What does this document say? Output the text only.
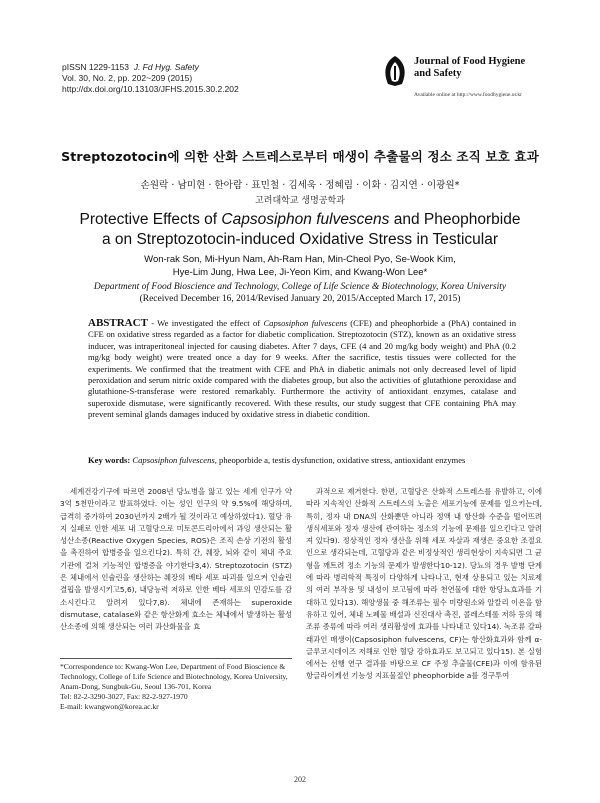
pISSN 1229-1153 J. Fd Hyg. Safety
Vol. 30, No. 2, pp. 202~209 (2015)
http://dx.doi.org/10.13103/JFHS.2015.30.2.202
Journal of Food Hygiene
and Safety
Available online at http://www.foodhygiene.or.kr
Streptozotocin에 의한 산화 스트레스로부터 매생이 추출물의 정소 조직 보호 효과
손원락 · 남미현 · 한아람 · 표민철 · 김세욱 · 정혜림 · 이화 · 김지연 · 이광원*
고려대학교 생명공학과
Protective Effects of Capsosiphon fulvescens and Pheophorbide
a on Streptozotocin-induced Oxidative Stress in Testicular
Won-rak Son, Mi-Hyun Nam, Ah-Ram Han, Min-Cheol Pyo, Se-Wook Kim,
Hye-Lim Jung, Hwa Lee, Ji-Yeon Kim, and Kwang-Won Lee*
Department of Food Bioscience and Technology, College of Life Science & Biotechnology, Korea University
(Received December 16, 2014/Revised January 20, 2015/Accepted March 17, 2015)
ABSTRACT - We investigated the effect of Capsosiphon fulvescens (CFE) and pheophorbide a (PhA) contained in CFE on oxidative stress regarded as a factor for diabetic complication. Streptozotocin (STZ), known as an oxidative stress inducer, was intraperitoneal injected for causing diabetes. After 7 days, CFE (4 and 20 mg/kg body weight) and PhA (0.2 mg/kg body weight) were treated once a day for 9 weeks. After the sacrifice, testis tissues were collected for the experiments. We confirmed that the treatment with CFE and PhA in diabetic animals not only decreased level of lipid peroxidation and serum nitric oxide compared with the diabetes group, but also the activities of glutathione peroxidase and glutathione-S-transferase were restored remarkably. Furthermore the activity of antioxidant enzymes, catalase and superoxide dismutase, were significantly recovered. With these results, our study suggest that CFE containing PhA may prevent seminal glands damages induced by oxidative stress in diabetic condition.
Key words: Capsosiphon fulvescens, pheoporbide a, testis dysfunction, oxidative stress, antioxidant enzymes

세계건강기구에 따르면 2008년 당뇨병을 앓고 있는 세계 인구가 약 3억 5천만이라고 발표하였다. 이는 성인 인구의 약 9.5%에 해당하며, 급격히 증가하여 2030년까지 2배가 될 것이라고 예상하였다1). 혈당 유지 실패로 인한 세포 내 고혈당으로 미토콘드리아에서 과잉 생산되는 활성산소종(Reactive Oxygen Species, ROS)은 조직 손상 기전의 활성을 촉진하여 합병증을 일으킨다2). 특히 간, 췌장, 뇌와 같이 체내 주요 기관에 걸쳐 기능적인 합병증을 야기한다3,4). Streptozotocin (STZ)은 체내에서 인슐린을 생산하는 췌장의 베타 세포 파괴를 일으켜 인슐린 결핍을 발생시키고5,6), 내당능력 저하로 인한 베타 세포의 민감도를 감소시킨다고 알려져 있다7,8). 체내에 존재하는 superoxide dismutase, catalase와 같은 항산화계 효소는 체내에서 발생하는 활성산소종에 의해 생산되는 여러 과산화물을 효

과적으로 제거한다. 한편, 고혈당은 산화적 스트레스를 유발하고, 이에 따라 지속적인 산화적 스트레스의 노출은 세포기능에 문제를 일으키는데, 특히, 정자 내 DNA의 산화뿐만 아니라 정액 내 항산화 수준을 떨어뜨려 생식세포와 정자 생산에 관여하는 정소의 기능에 문제를 일으킨다고 알려져 있다9). 정상적인 정자 생산을 위해 세포 자살과 재생은 중요한 조절요인으로 생각되는데, 고혈당과 같은 비정상적인 생리현상이 지속되면 그 균형을 깨트려 정소 기능의 문제가 발생한다10-12). 당뇨의 경우 발병 단계에 따라 병리학적 특징이 다양하게 나타나고, 현재 상용되고 있는 치료제의 여러 부작용 및 내성이 보고됨에 따라 천연물에 대한 항당뇨효과를 기대하고 있다13). 해양생물 중 해조류는 필수 미량원소와 알칼리 이온을 함유하고 있어, 체내 노폐물 배설과 신진대사 촉진, 콜레스테롤 저하 등의 해조류 종류에 따라 여러 생리활성에 효과를 나타내고 있다14). 녹조류 갈파래과인 매생이(Capsosiphon fulvescens, CF)는 항산화효과와 함께 α-글루코시데이즈 저해로 인한 혈당 강하효과도 보고되고 있다15). 본 실험에서는 선행 연구 결과를 바탕으로 CF 주정 추출물(CFE)과 이에 함유된 항글라이케션 기능성 지표물질인 pheophorbide a를 경구투여

*Correspondence to: Kwang-Won Lee, Department of Food Bioscience & Technology, College of Life Science and Biotechnology, Korea University, Anam-Dong, Sungbuk-Gu, Seoul 136-701, Korea
Tel: 82-2-3290-3027, Fax: 82-2-927-1970
E-mail: kwangwon@korea.ac.kr
202
